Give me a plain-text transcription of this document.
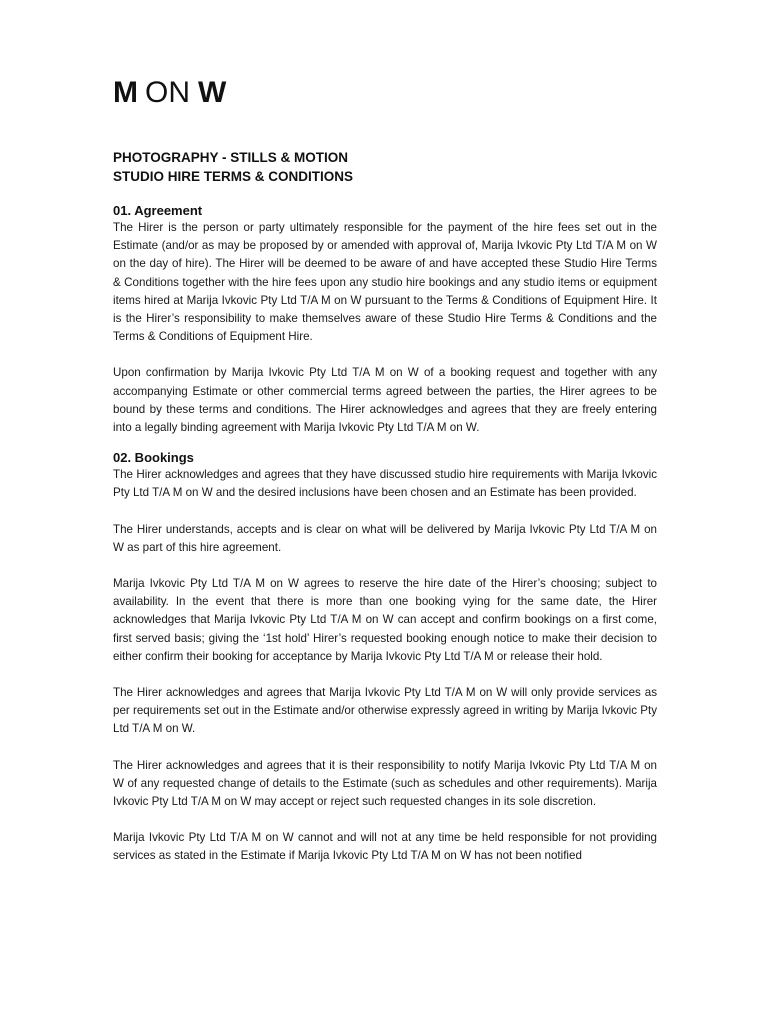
M ON W
PHOTOGRAPHY - STILLS & MOTION
STUDIO HIRE TERMS & CONDITIONS
01. Agreement

The Hirer is the person or party ultimately responsible for the payment of the hire fees set out in the Estimate (and/or as may be proposed by or amended with approval of, Marija Ivkovic Pty Ltd T/A M on W on the day of hire). The Hirer will be deemed to be aware of and have accepted these Studio Hire Terms & Conditions together with the hire fees upon any studio hire bookings and any studio items or equipment items hired at Marija Ivkovic Pty Ltd T/A M on W pursuant to the Terms & Conditions of Equipment Hire. It is the Hirer’s responsibility to make themselves aware of these Studio Hire Terms & Conditions and the Terms & Conditions of Equipment Hire.

Upon confirmation by Marija Ivkovic Pty Ltd T/A M on W of a booking request and together with any accompanying Estimate or other commercial terms agreed between the parties, the Hirer agrees to be bound by these terms and conditions. The Hirer acknowledges and agrees that they are freely entering into a legally binding agreement with Marija Ivkovic Pty Ltd T/A M on W.

02. Bookings

The Hirer acknowledges and agrees that they have discussed studio hire requirements with Marija Ivkovic Pty Ltd T/A M on W and the desired inclusions have been chosen and an Estimate has been provided.

The Hirer understands, accepts and is clear on what will be delivered by Marija Ivkovic Pty Ltd T/A M on W as part of this hire agreement.

Marija Ivkovic Pty Ltd T/A M on W agrees to reserve the hire date of the Hirer’s choosing; subject to availability. In the event that there is more than one booking vying for the same date, the Hirer acknowledges that Marija Ivkovic Pty Ltd T/A M on W can accept and confirm bookings on a first come, first served basis; giving the ‘1st hold’ Hirer’s requested booking enough notice to make their decision to either confirm their booking for acceptance by Marija Ivkovic Pty Ltd T/A M or release their hold.

The Hirer acknowledges and agrees that Marija Ivkovic Pty Ltd T/A M on W will only provide services as per requirements set out in the Estimate and/or otherwise expressly agreed in writing by Marija Ivkovic Pty Ltd T/A M on W.

The Hirer acknowledges and agrees that it is their responsibility to notify Marija Ivkovic Pty Ltd T/A M on W of any requested change of details to the Estimate (such as schedules and other requirements). Marija Ivkovic Pty Ltd T/A M on W may accept or reject such requested changes in its sole discretion.

Marija Ivkovic Pty Ltd T/A M on W cannot and will not at any time be held responsible for not providing services as stated in the Estimate if Marija Ivkovic Pty Ltd T/A M on W has not been notified
